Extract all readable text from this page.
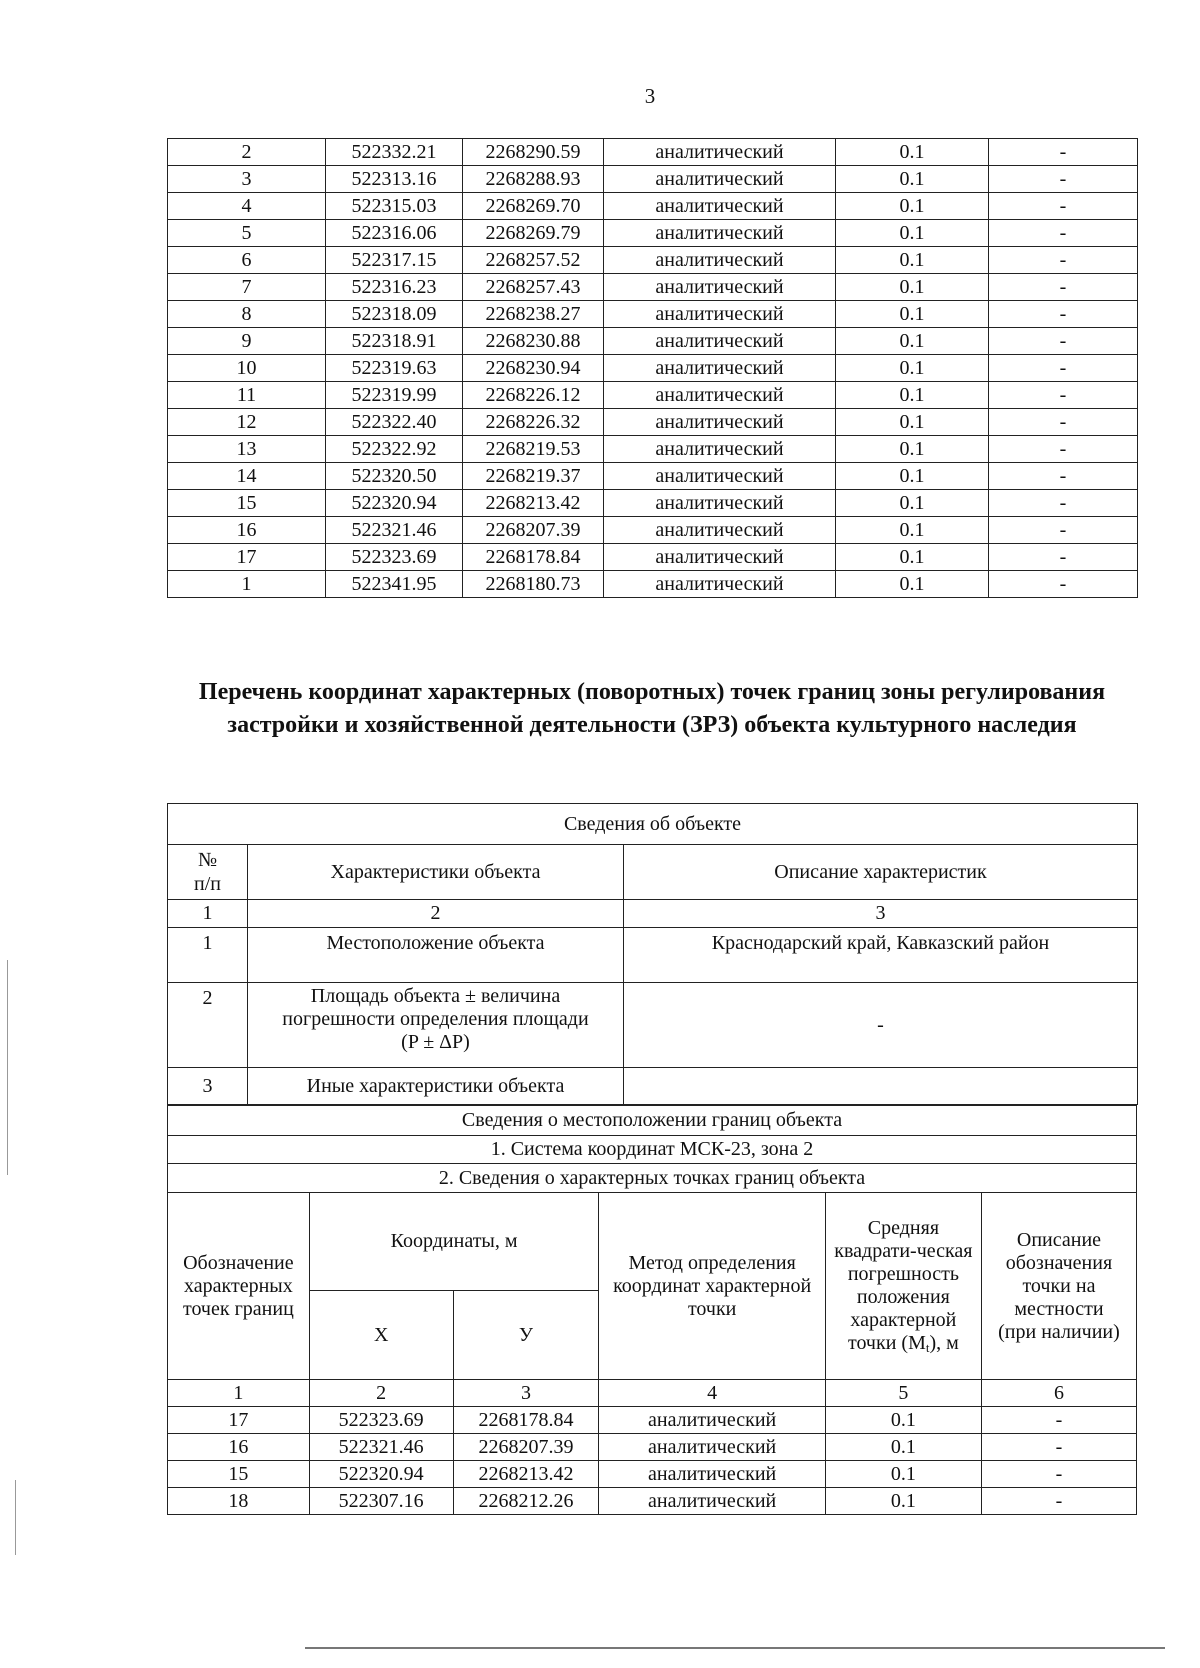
3
2	522332.21	2268290.59	аналитический	0.1	-
3	522313.16	2268288.93	аналитический	0.1	-
4	522315.03	2268269.70	аналитический	0.1	-
5	522316.06	2268269.79	аналитический	0.1	-
6	522317.15	2268257.52	аналитический	0.1	-
7	522316.23	2268257.43	аналитический	0.1	-
8	522318.09	2268238.27	аналитический	0.1	-
9	522318.91	2268230.88	аналитический	0.1	-
10	522319.63	2268230.94	аналитический	0.1	-
11	522319.99	2268226.12	аналитический	0.1	-
12	522322.40	2268226.32	аналитический	0.1	-
13	522322.92	2268219.53	аналитический	0.1	-
14	522320.50	2268219.37	аналитический	0.1	-
15	522320.94	2268213.42	аналитический	0.1	-
16	522321.46	2268207.39	аналитический	0.1	-
17	522323.69	2268178.84	аналитический	0.1	-
1	522341.95	2268180.73	аналитический	0.1	-
Перечень координат характерных (поворотных) точек границ зоны регулирования застройки и хозяйственной деятельности (ЗРЗ) объекта культурного наследия
Сведения об объекте		
№
п/п	Характеристики объекта	Описание характеристик
1	2	3
1	Местоположение объекта	Краснодарский край, Кавказский район
2	Площадь объекта ± величина погрешности определения площади (P ± ΔP)	-
3	Иные характеристики объекта	
Сведения о местоположении границ объекта					
1. Система координат МСК-23, зона 2					
2. Сведения о характерных точках границ объекта					
Обозначение характерных точек границ	Координаты, м		Метод определения координат характерной точки	Средняя квадрати-ческая погрешность положения характерной точки $(M_t)$, м	Описание обозначения точки на местности (при наличии)
	X	У			
1	2	3	4	5	6
17	522323.69	2268178.84	аналитический	0.1	-
16	522321.46	2268207.39	аналитический	0.1	-
15	522320.94	2268213.42	аналитический	0.1	-
18	522307.16	2268212.26	аналитический	0.1	-
